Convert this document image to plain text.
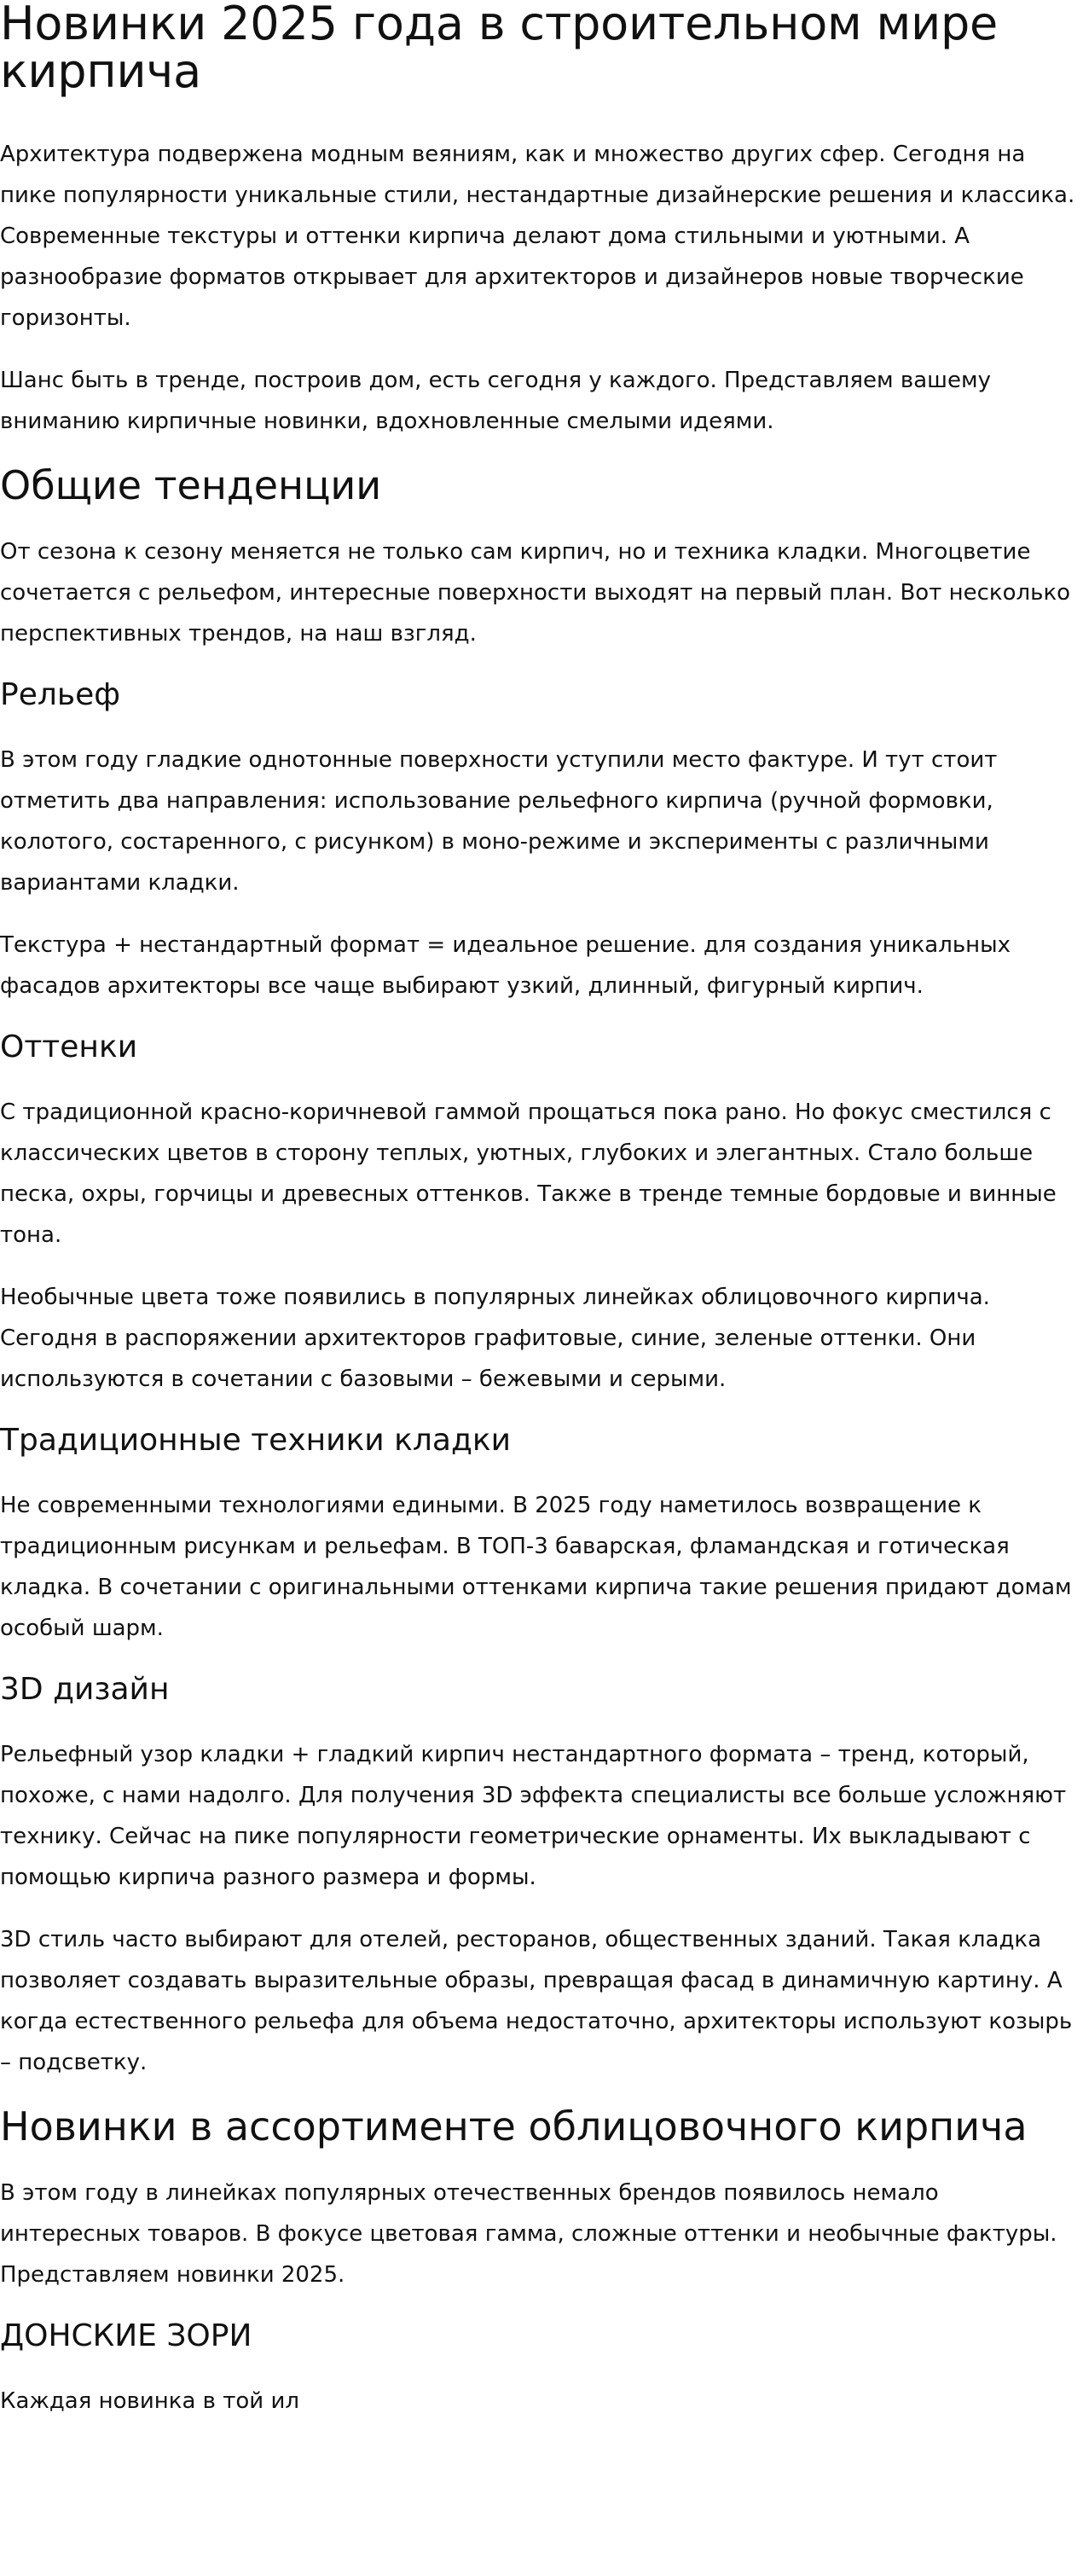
Новинки 2025 года в строительном мире кирпича

Архитектура подвержена модным веяниям, как и множество других сфер. Сегодня на пике популярности уникальные стили, нестандартные дизайнерские решения и классика. Современные текстуры и оттенки кирпича делают дома стильными и уютными. А разнообразие форматов открывает для архитекторов и дизайнеров новые творческие горизонты.

Шанс быть в тренде, построив дом, есть сегодня у каждого. Представляем вашему вниманию кирпичные новинки, вдохновленные смелыми идеями.

Общие тенденции

От сезона к сезону меняется не только сам кирпич, но и техника кладки. Многоцветие сочетается с рельефом, интересные поверхности выходят на первый план. Вот несколько перспективных трендов, на наш взгляд.

Рельеф

В этом году гладкие однотонные поверхности уступили место фактуре. И тут стоит отметить два направления: использование рельефного кирпича (ручной формовки, колотого, состаренного, с рисунком) в моно-режиме и эксперименты с различными вариантами кладки.

Текстура + нестандартный формат = идеальное решение. для создания уникальных фасадов архитекторы все чаще выбирают узкий, длинный, фигурный кирпич.

Оттенки

С традиционной красно-коричневой гаммой прощаться пока рано. Но фокус сместился с классических цветов в сторону теплых, уютных, глубоких и элегантных. Стало больше песка, охры, горчицы и древесных оттенков. Также в тренде темные бордовые и винные тона.

Необычные цвета тоже появились в популярных линейках облицовочного кирпича. Сегодня в распоряжении архитекторов графитовые, синие, зеленые оттенки. Они используются в сочетании с базовыми – бежевыми и серыми.

Традиционные техники кладки

Не современными технологиями едиными. В 2025 году наметилось возвращение к традиционным рисункам и рельефам. В ТОП-3 баварская, фламандская и готическая кладка. В сочетании с оригинальными оттенками кирпича такие решения придают домам особый шарм.

3D дизайн

Рельефный узор кладки + гладкий кирпич нестандартного формата – тренд, который, похоже, с нами надолго. Для получения 3D эффекта специалисты все больше усложняют технику. Сейчас на пике популярности геометрические орнаменты. Их выкладывают с помощью кирпича разного размера и формы.

3D стиль часто выбирают для отелей, ресторанов, общественных зданий. Такая кладка позволяет создавать выразительные образы, превращая фасад в динамичную картину. А когда естественного рельефа для объема недостаточно, архитекторы используют козырь – подсветку.

Новинки в ассортименте облицовочного кирпича

В этом году в линейках популярных отечественных брендов появилось немало интересных товаров. В фокусе цветовая гамма, сложные оттенки и необычные фактуры. Представляем новинки 2025.

ДОНСКИЕ ЗОРИ

Каждая новинка в той ил
